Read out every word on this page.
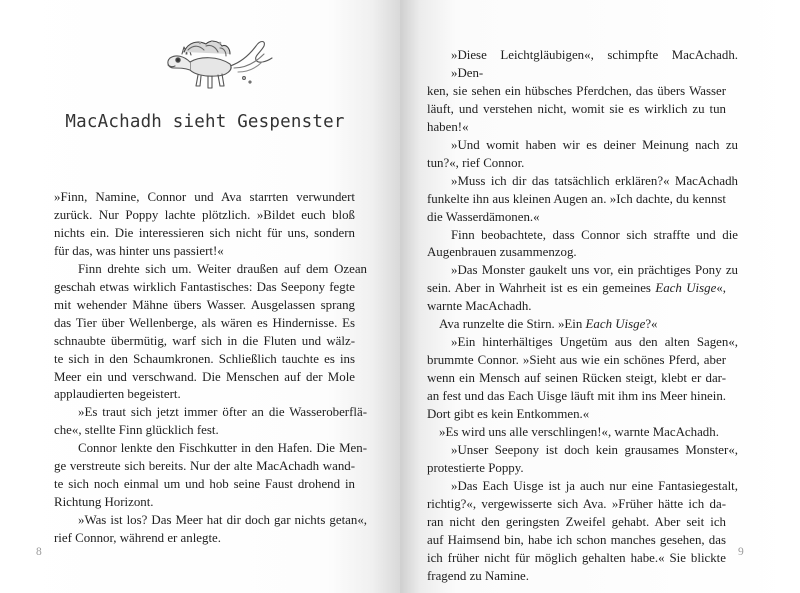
MacAchadh sieht Gespenster

»Finn, Namine, Connor und Ava starrten verwundert
zurück. Nur Poppy lachte plötzlich. »Bildet euch bloß
nichts ein. Die interessieren sich nicht für uns, sondern
für das, was hinter uns passiert!«

Finn drehte sich um. Weiter draußen auf dem Ozean
geschah etwas wirklich Fantastisches: Das Seepony fegte
mit wehender Mähne übers Wasser. Ausgelassen sprang
das Tier über Wellenberge, als wären es Hindernisse. Es
schnaubte übermütig, warf sich in die Fluten und wälz-
te sich in den Schaumkronen. Schließlich tauchte es ins
Meer ein und verschwand. Die Menschen auf der Mole
applaudierten begeistert.

»Es traut sich jetzt immer öfter an die Wasseroberflä-
che«, stellte Finn glücklich fest.

Connor lenkte den Fischkutter in den Hafen. Die Men-
ge verstreute sich bereits. Nur der alte MacAchadh wand-
te sich noch einmal um und hob seine Faust drohend in
Richtung Horizont.

»Was ist los? Das Meer hat dir doch gar nichts getan«,
rief Connor, während er anlegte.

8

»Diese Leichtgläubigen«, schimpfte MacAchadh. »Den-
ken, sie sehen ein hübsches Pferdchen, das übers Wasser
läuft, und verstehen nicht, womit sie es wirklich zu tun
haben!«

»Und womit haben wir es deiner Meinung nach zu
tun?«, rief Connor.

»Muss ich dir das tatsächlich erklären?« MacAchadh
funkelte ihn aus kleinen Augen an. »Ich dachte, du kennst
die Wasserdämonen.«

Finn beobachtete, dass Connor sich straffte und die
Augenbrauen zusammenzog.

»Das Monster gaukelt uns vor, ein prächtiges Pony zu
sein. Aber in Wahrheit ist es ein gemeines Each Uisge«,
warnte MacAchadh.

Ava runzelte die Stirn. »Ein Each Uisge?«

»Ein hinterhältiges Ungetüm aus den alten Sagen«,
brummte Connor. »Sieht aus wie ein schönes Pferd, aber
wenn ein Mensch auf seinen Rücken steigt, klebt er dar-
an fest und das Each Uisge läuft mit ihm ins Meer hinein.
Dort gibt es kein Entkommen.«

»Es wird uns alle verschlingen!«, warnte MacAchadh.

»Unser Seepony ist doch kein grausames Monster«,
protestierte Poppy.

»Das Each Uisge ist ja auch nur eine Fantasiegestalt,
richtig?«, vergewisserte sich Ava. »Früher hätte ich da-
ran nicht den geringsten Zweifel gehabt. Aber seit ich
auf Haimsend bin, habe ich schon manches gesehen, das
ich früher nicht für möglich gehalten habe.« Sie blickte
fragend zu Namine.

9
